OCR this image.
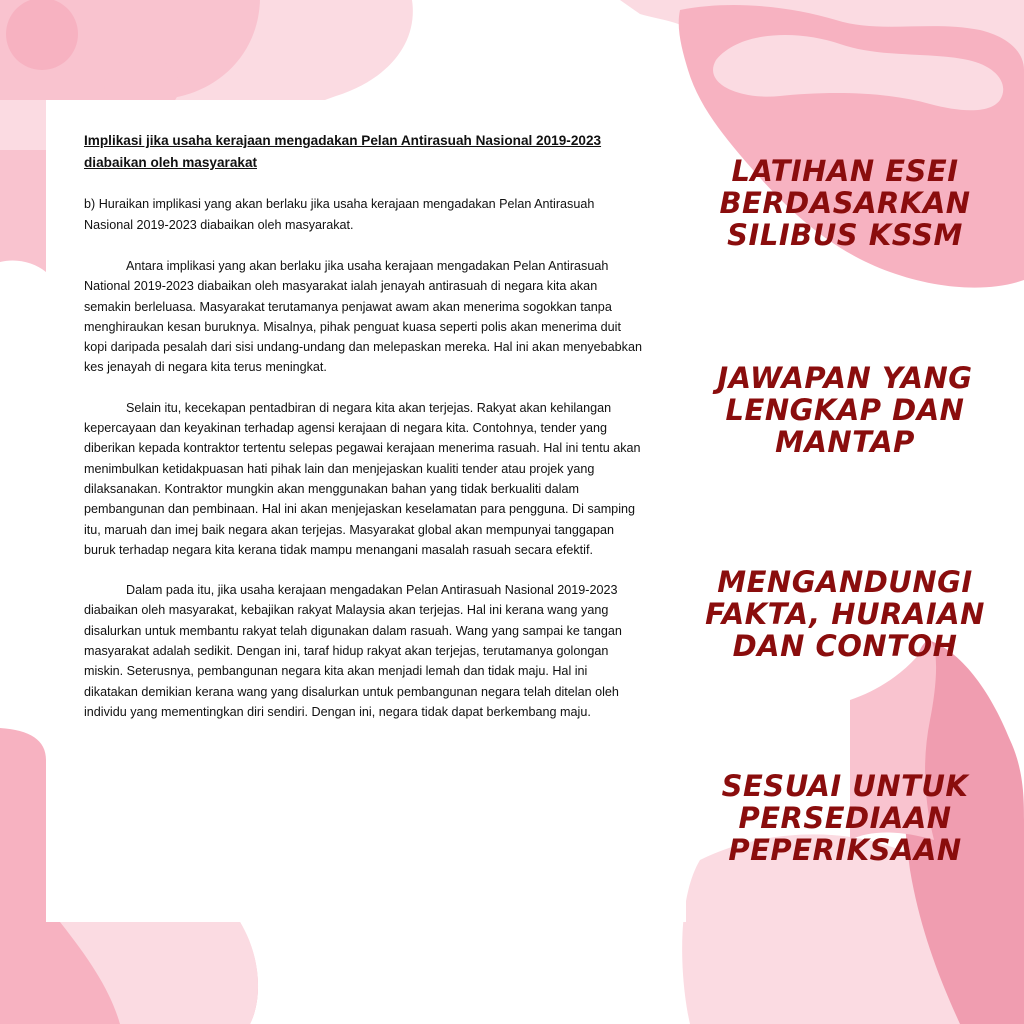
Implikasi jika usaha kerajaan mengadakan Pelan Antirasuah Nasional 2019-2023 diabaikan oleh masyarakat
b) Huraikan implikasi yang akan berlaku jika usaha kerajaan mengadakan Pelan Antirasuah Nasional 2019-2023 diabaikan oleh masyarakat.
Antara implikasi yang akan berlaku jika usaha kerajaan mengadakan Pelan Antirasuah National 2019-2023 diabaikan oleh masyarakat ialah jenayah antirasuah di negara kita akan semakin berleluasa. Masyarakat terutamanya penjawat awam akan menerima sogokkan tanpa menghiraukan kesan buruknya. Misalnya, pihak penguat kuasa seperti polis akan menerima duit kopi daripada pesalah dari sisi undang-undang dan melepaskan mereka. Hal ini akan menyebabkan kes jenayah di negara kita terus meningkat.
Selain itu, kecekapan pentadbiran di negara kita akan terjejas. Rakyat akan kehilangan kepercayaan dan keyakinan terhadap agensi kerajaan di negara kita. Contohnya, tender yang diberikan kepada kontraktor tertentu selepas pegawai kerajaan menerima rasuah. Hal ini tentu akan menimbulkan ketidakpuasan hati pihak lain dan menjejaskan kualiti tender atau projek yang dilaksanakan. Kontraktor mungkin akan menggunakan bahan yang tidak berkualiti dalam pembangunan dan pembinaan. Hal ini akan menjejaskan keselamatan para pengguna. Di samping itu, maruah dan imej baik negara akan terjejas. Masyarakat global akan mempunyai tanggapan buruk terhadap negara kita kerana tidak mampu menangani masalah rasuah secara efektif.
Dalam pada itu, jika usaha kerajaan mengadakan Pelan Antirasuah Nasional 2019-2023 diabaikan oleh masyarakat, kebajikan rakyat Malaysia akan terjejas. Hal ini kerana wang yang disalurkan untuk membantu rakyat telah digunakan dalam rasuah. Wang yang sampai ke tangan masyarakat adalah sedikit. Dengan ini, taraf hidup rakyat akan terjejas, terutamanya golongan miskin. Seterusnya, pembangunan negara kita akan menjadi lemah dan tidak maju. Hal ini dikatakan demikian kerana wang yang disalurkan untuk pembangunan negara telah ditelan oleh individu yang mementingkan diri sendiri. Dengan ini, negara tidak dapat berkembang maju.
LATIHAN ESEI BERDASARKAN SILIBUS KSSM
JAWAPAN YANG LENGKAP DAN MANTAP
MENGANDUNGI FAKTA, HURAIAN DAN CONTOH
SESUAI UNTUK PERSEDIAAN PEPERIKSAAN
